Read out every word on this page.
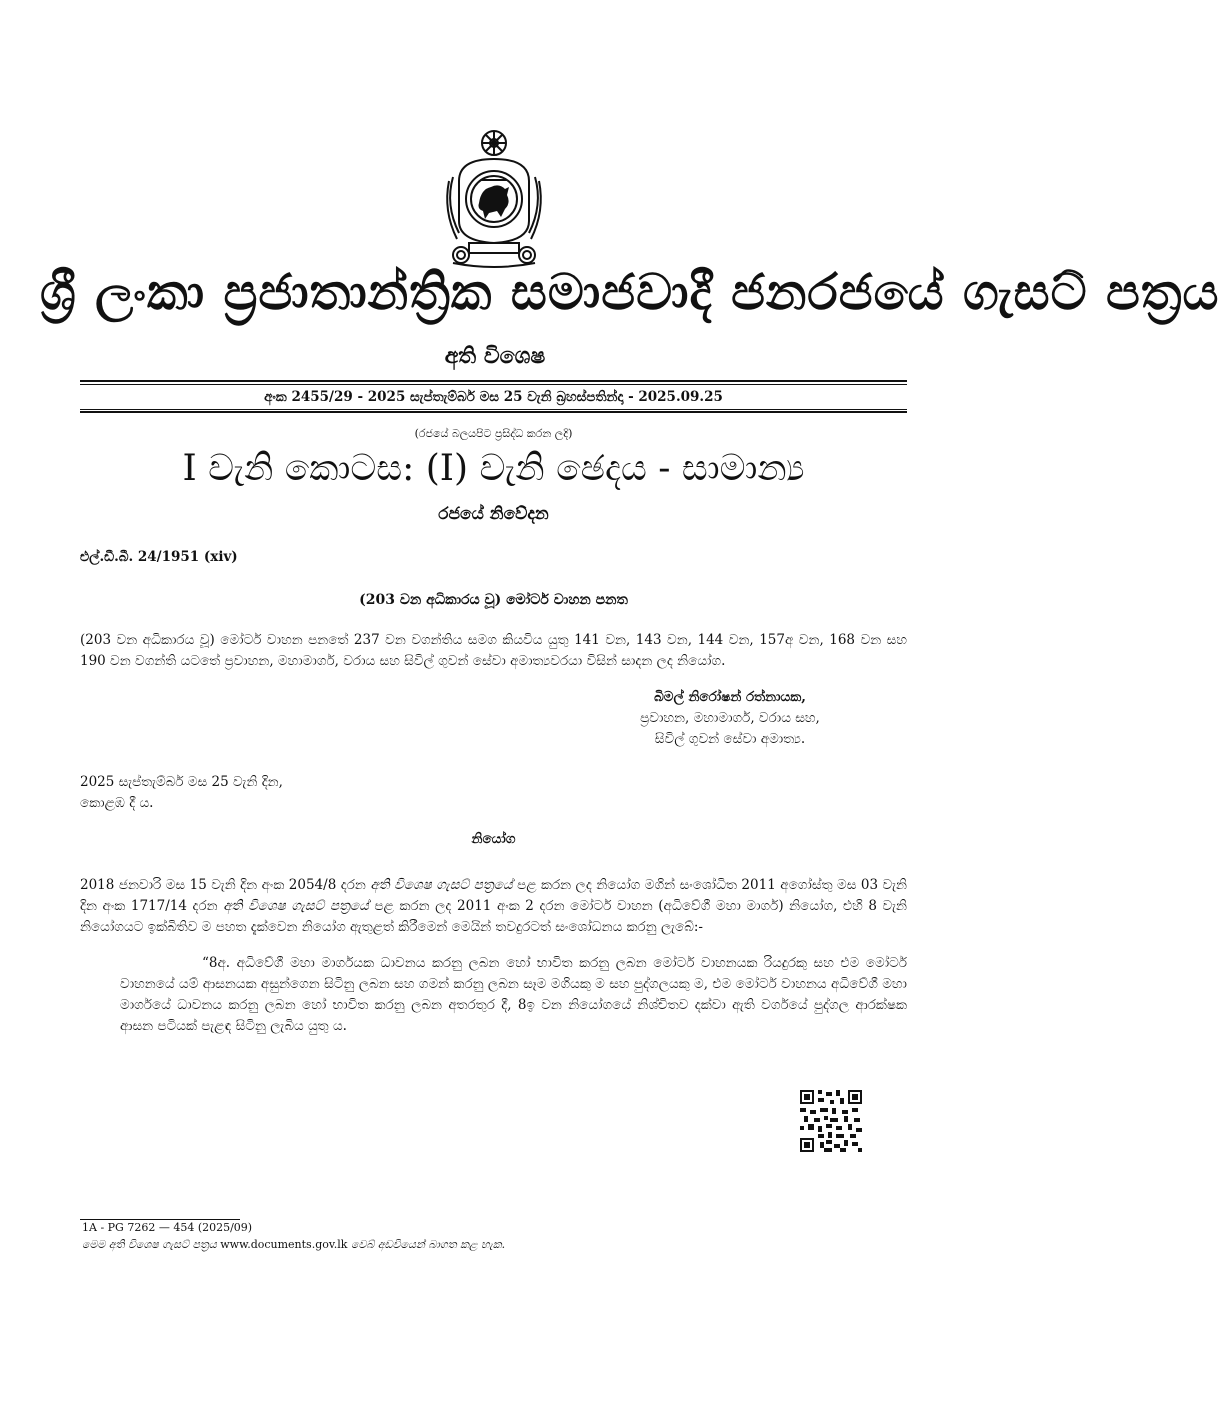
ශ්‍රී ලංකා ප්‍රජාතාන්ත්‍රික සමාජවාදී ජනරජයේ ගැසට් පත්‍රය
අති විශෙෂ
අංක 2455/29 - 2025 සැප්තැම්බර් මස 25 වැනි බ්‍රහස්පතින්දා - 2025.09.25
(රජයේ බලයපිට ප්‍රසිද්ධ කරන ලදි)
I වැනි කොටස: (I) වැනි ඡෙදය - සාමාන්‍ය
රජයේ නිවේදන
එල්.ඩී.බී. 24/1951 (xiv)
(203 වන අධිකාරය වූ) මෝටර් වාහන පනත
(203 වන අධිකාරය වූ) මෝටර් වාහන පනතේ 237 වන වගන්තිය සමග කියවිය යුතු 141 වන, 143 වන, 144 වන, 157අ වන, 168 වන සහ 190 වන වගන්ති යටතේ ප්‍රවාහන, මහාමාර්ග, වරාය සහ සිවිල් ගුවන් සේවා අමාත්‍යවරයා විසින් සාදන ලද නියෝග.
බිමල් නිරෝෂන් රත්නායක,
ප්‍රවාහන, මහාමාර්ග, වරාය සහ,
සිවිල් ගුවන් සේවා අමාත්‍ය.
2025 සැප්තැම්බර් මස 25 වැනි දින,
කොළඹ දී ය.
නියෝග
2018 ජනවාරි මස 15 වැනි දින අංක 2054/8 දරන අති විශෙෂ ගැසට් පත්‍රයේ පළ කරන ලද නියෝග මගින් සංශෝධිත 2011 අගෝස්තු මස 03 වැනි දින අංක 1717/14 දරන අති විශෙෂ ගැසට් පත්‍රයේ පළ කරන ලද 2011 අංක 2 දරන මෝටර් වාහන (අධිවේගී මහා මාර්ග) නියෝග, එහි 8 වැනි නියෝගයට ඉක්බිතිව ම පහත දැක්වෙන නියෝග ඇතුළත් කිරීමෙන් මෙයින් තවදුරටත් සංශෝධනය කරනු ලැබේ:-
“8අ. අධිවේගී මහා මාර්ගයක ධාවනය කරනු ලබන හෝ භාවිත කරනු ලබන මෝටර් වාහනයක රියදුරකු සහ එම මෝටර් වාහනයේ යම් ආසනයක අසුන්ගෙන සිටිනු ලබන සහ ගමන් කරනු ලබන සෑම මගියකු ම සහ පුද්ගලයකු ම, එම මෝටර් වාහනය අධිවේගී මහා මාර්ගයේ ධාවනය කරනු ලබන හෝ භාවිත කරනු ලබන අතරතුර දී, 8ඉ වන නියෝගයේ නිශ්චිතව දක්වා ඇති වර්ගයේ පුද්ගල ආරක්ෂක ආසන පටියක් පැළඳ සිටිනු ලැබිය යුතු ය.
1A - PG 7262 — 454 (2025/09)
මෙම අති විශෙෂ ගැසට් පත්‍රය www.documents.gov.lk වෙබ් අඩවියෙන් බාගත කළ හැක.
